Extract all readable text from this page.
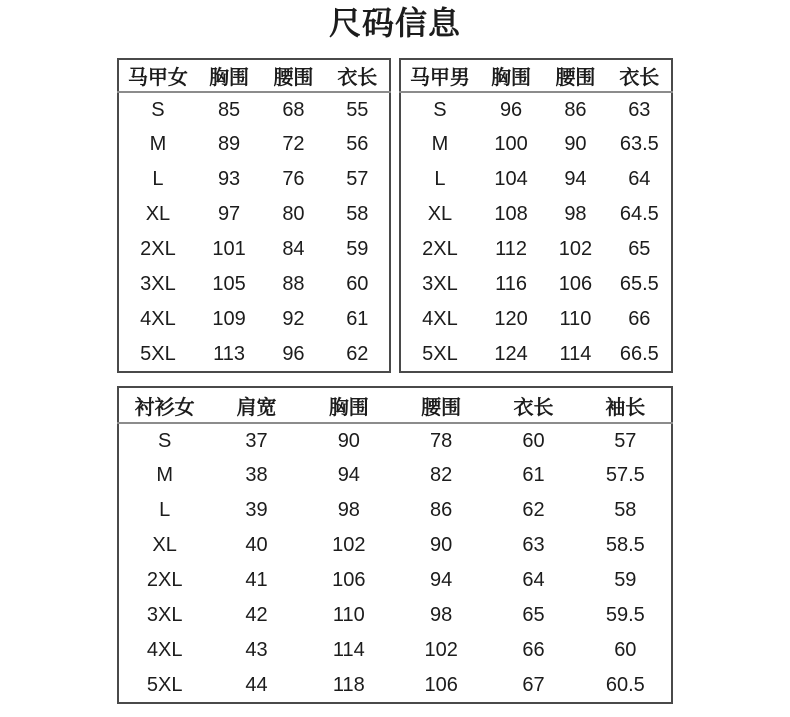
尺码信息
马甲女	胸围	腰围	衣长
S	85	68	55
M	89	72	56
L	93	76	57
XL	97	80	58
2XL	101	84	59
3XL	105	88	60
4XL	109	92	61
5XL	113	96	62
马甲男	胸围	腰围	衣长
S	96	86	63
M	100	90	63.5
L	104	94	64
XL	108	98	64.5
2XL	112	102	65
3XL	116	106	65.5
4XL	120	110	66
5XL	124	114	66.5
衬衫女	肩宽	胸围	腰围	衣长	袖长
S	37	90	78	60	57
M	38	94	82	61	57.5
L	39	98	86	62	58
XL	40	102	90	63	58.5
2XL	41	106	94	64	59
3XL	42	110	98	65	59.5
4XL	43	114	102	66	60
5XL	44	118	106	67	60.5
